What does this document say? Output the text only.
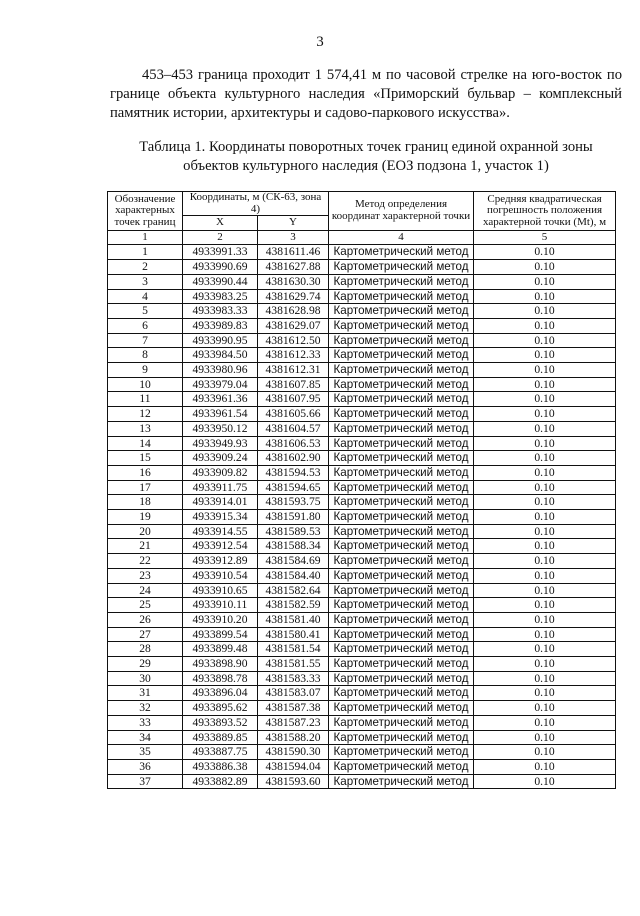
3

453–453 граница проходит 1 574,41 м по часовой стрелке на юго-восток по границе объекта культурного наследия «Приморский бульвар – комплексный памятник истории, архитектуры и садово-паркового искусства».

Таблица 1. Координаты поворотных точек границ единой охранной зоны объектов культурного наследия (ЕОЗ подзона 1, участок 1)

Обозначение характерных точек границ	Координаты, м (СК-63, зона 4)		Метод определения координат характерной точки	Средняя квадратическая погрешность положения характерной точки (Mt), м
	X	Y		
1	2	3	4	5
1	4933991.33	4381611.46	Картометрический метод	0.10
2	4933990.69	4381627.88	Картометрический метод	0.10
3	4933990.44	4381630.30	Картометрический метод	0.10
4	4933983.25	4381629.74	Картометрический метод	0.10
5	4933983.33	4381628.98	Картометрический метод	0.10
6	4933989.83	4381629.07	Картометрический метод	0.10
7	4933990.95	4381612.50	Картометрический метод	0.10
8	4933984.50	4381612.33	Картометрический метод	0.10
9	4933980.96	4381612.31	Картометрический метод	0.10
10	4933979.04	4381607.85	Картометрический метод	0.10
11	4933961.36	4381607.95	Картометрический метод	0.10
12	4933961.54	4381605.66	Картометрический метод	0.10
13	4933950.12	4381604.57	Картометрический метод	0.10
14	4933949.93	4381606.53	Картометрический метод	0.10
15	4933909.24	4381602.90	Картометрический метод	0.10
16	4933909.82	4381594.53	Картометрический метод	0.10
17	4933911.75	4381594.65	Картометрический метод	0.10
18	4933914.01	4381593.75	Картометрический метод	0.10
19	4933915.34	4381591.80	Картометрический метод	0.10
20	4933914.55	4381589.53	Картометрический метод	0.10
21	4933912.54	4381588.34	Картометрический метод	0.10
22	4933912.89	4381584.69	Картометрический метод	0.10
23	4933910.54	4381584.40	Картометрический метод	0.10
24	4933910.65	4381582.64	Картометрический метод	0.10
25	4933910.11	4381582.59	Картометрический метод	0.10
26	4933910.20	4381581.40	Картометрический метод	0.10
27	4933899.54	4381580.41	Картометрический метод	0.10
28	4933899.48	4381581.54	Картометрический метод	0.10
29	4933898.90	4381581.55	Картометрический метод	0.10
30	4933898.78	4381583.33	Картометрический метод	0.10
31	4933896.04	4381583.07	Картометрический метод	0.10
32	4933895.62	4381587.38	Картометрический метод	0.10
33	4933893.52	4381587.23	Картометрический метод	0.10
34	4933889.85	4381588.20	Картометрический метод	0.10
35	4933887.75	4381590.30	Картометрический метод	0.10
36	4933886.38	4381594.04	Картометрический метод	0.10
37	4933882.89	4381593.60	Картометрический метод	0.10
